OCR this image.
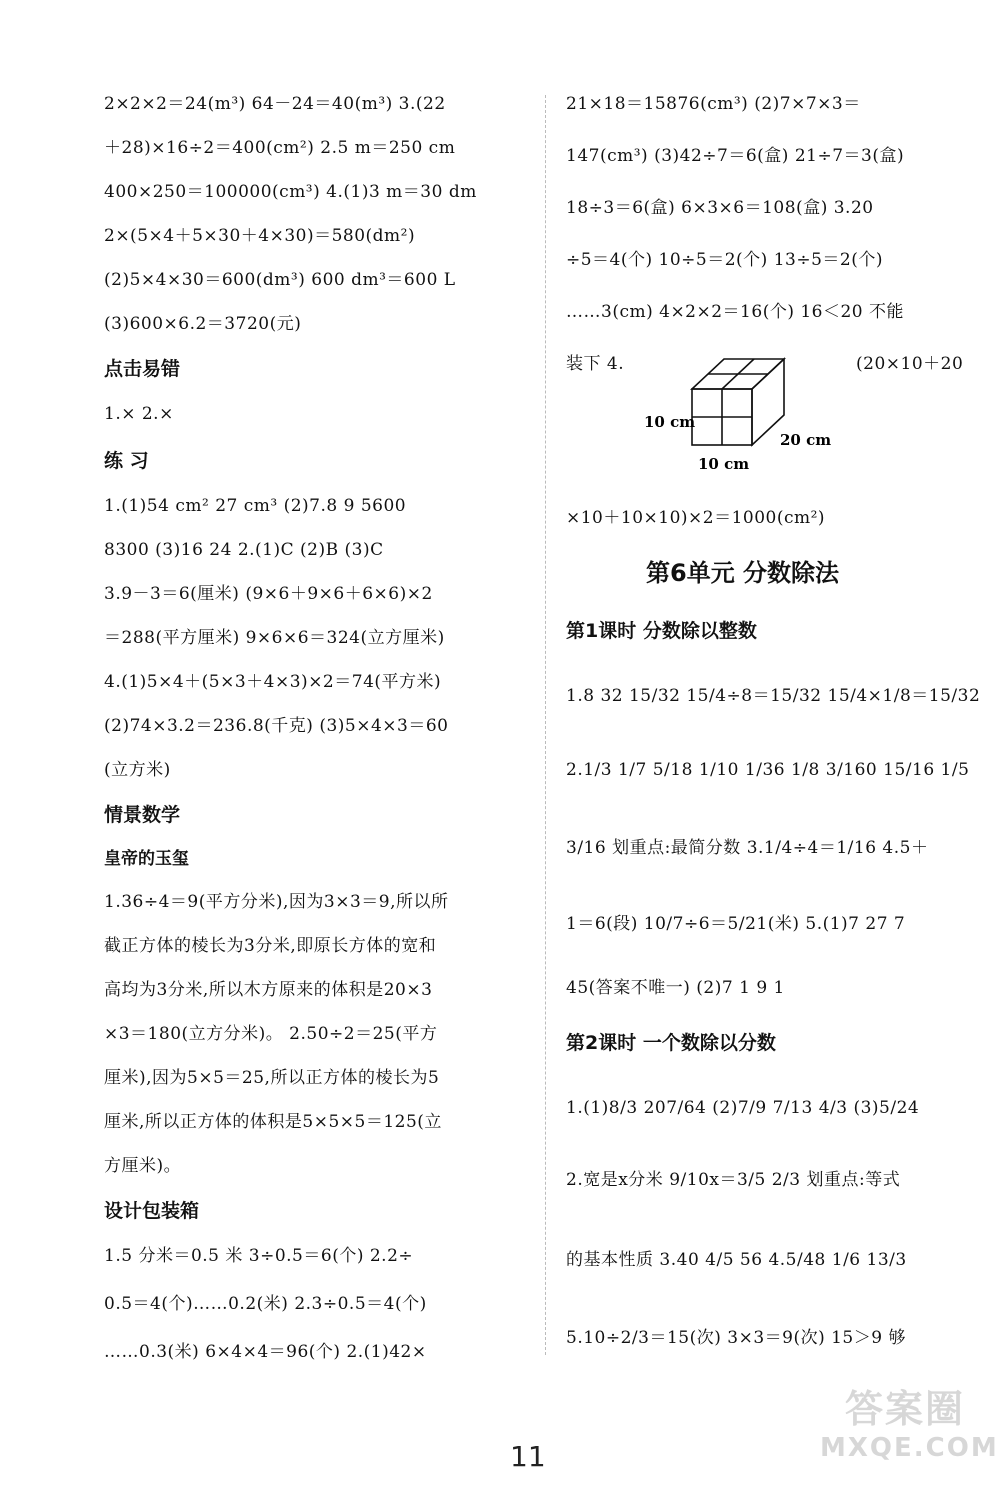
2×2×2＝24(m³) 64－24＝40(m³) 3.(22
＋28)×16÷2＝400(cm²) 2.5 m＝250 cm
400×250＝100000(cm³) 4.(1)3 m＝30 dm
2×(5×4＋5×30＋4×30)＝580(dm²)
(2)5×4×30＝600(dm³) 600 dm³＝600 L
(3)600×6.2＝3720(元)
点击易错
1.× 2.×
练 习
1.(1)54 cm² 27 cm³ (2)7.8 9 5600
8300 (3)16 24 2.(1)C (2)B (3)C
3.9－3＝6(厘米) (9×6＋9×6＋6×6)×2
＝288(平方厘米) 9×6×6＝324(立方厘米)
4.(1)5×4＋(5×3＋4×3)×2＝74(平方米)
(2)74×3.2＝236.8(千克) (3)5×4×3＝60
(立方米)
情景数学
皇帝的玉玺
1.36÷4＝9(平方分米),因为3×3＝9,所以所
截正方体的棱长为3分米,即原长方体的宽和
高均为3分米,所以木方原来的体积是20×3
×3＝180(立方分米)。 2.50÷2＝25(平方
厘米),因为5×5＝25,所以正方体的棱长为5
厘米,所以正方体的体积是5×5×5＝125(立
方厘米)。
设计包装箱
1.5 分米＝0.5 米 3÷0.5＝6(个) 2.2÷
0.5＝4(个)……0.2(米) 2.3÷0.5＝4(个)
……0.3(米) 6×4×4＝96(个) 2.(1)42×
21×18＝15876(cm³) (2)7×7×3＝
147(cm³) (3)42÷7＝6(盒) 21÷7＝3(盒)
18÷3＝6(盒) 6×3×6＝108(盒) 3.20
÷5＝4(个) 10÷5＝2(个) 13÷5＝2(个)
……3(cm) 4×2×2＝16(个) 16＜20 不能
装下 4.	(20×10＋20
10 cm
20 cm
10 cm
×10＋10×10)×2＝1000(cm²)
第6单元 分数除法
第1课时 分数除以整数
1.8 32 15/32 15/4÷8＝15/32 15/4×1/8＝15/32
2.1/3 1/7 5/18 1/10 1/36 1/8 3/160 15/16 1/5
3/16 划重点:最简分数 3.1/4÷4＝1/16 4.5＋
1＝6(段) 10/7÷6＝5/21(米) 5.(1)7 27 7
45(答案不唯一) (2)7 1 9 1
第2课时 一个数除以分数
1.(1)8/3 207/64 (2)7/9 7/13 4/3 (3)5/24
2.宽是x分米 9/10x＝3/5 2/3 划重点:等式
的基本性质 3.40 4/5 56 4.5/48 1/6 13/3
5.10÷2/3＝15(次) 3×3＝9(次) 15＞9 够
11
答案圈
MXQE.COM
